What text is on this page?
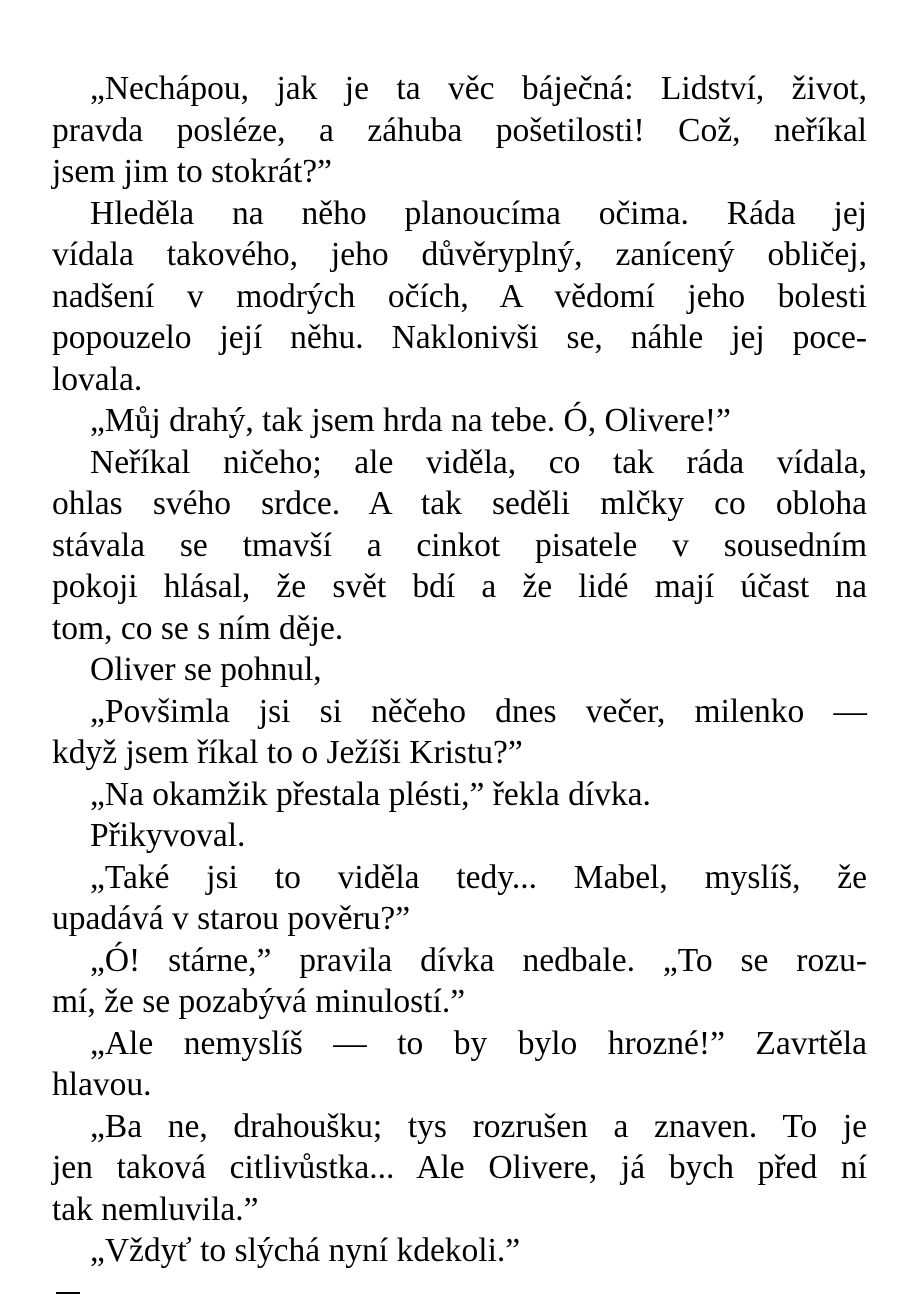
„Nechápou, jak je ta věc báječná: Lidství, život,
pravda posléze, a záhuba pošetilosti! Což, neříkal
jsem jim to stokrát?”
Hleděla na něho planoucíma očima. Ráda jej
vídala takového, jeho důvěryplný, zanícený obličej,
nadšení v modrých očích, A vědomí jeho bolesti
popouzelo její něhu. Naklonivši se, náhle jej poce-
lovala.
„Můj drahý, tak jsem hrda na tebe. Ó, Olivere!”
Neříkal ničeho; ale viděla, co tak ráda vídala,
ohlas svého srdce. A tak seděli mlčky co obloha
stávala se tmavší a cinkot pisatele v sousedním
pokoji hlásal, že svět bdí a že lidé mají účast na
tom, co se s ním děje.
Oliver se pohnul,
„Povšimla jsi si něčeho dnes večer, milenko —
když jsem říkal to o Ježíši Kristu?”
„Na okamžik přestala plésti,” řekla dívka.
Přikyvoval.
„Také jsi to viděla tedy... Mabel, myslíš, že
upadává v starou pověru?”
„Ó! stárne,” pravila dívka nedbale. „To se rozu-
mí, že se pozabývá minulostí.”
„Ale nemyslíš — to by bylo hrozné!” Zavrtěla
hlavou.
„Ba ne, drahoušku; tys rozrušen a znaven. To je
jen taková citlivůstka... Ale Olivere, já bych před ní
tak nemluvila.”
„Vždyť to slýchá nyní kdekoli.”
